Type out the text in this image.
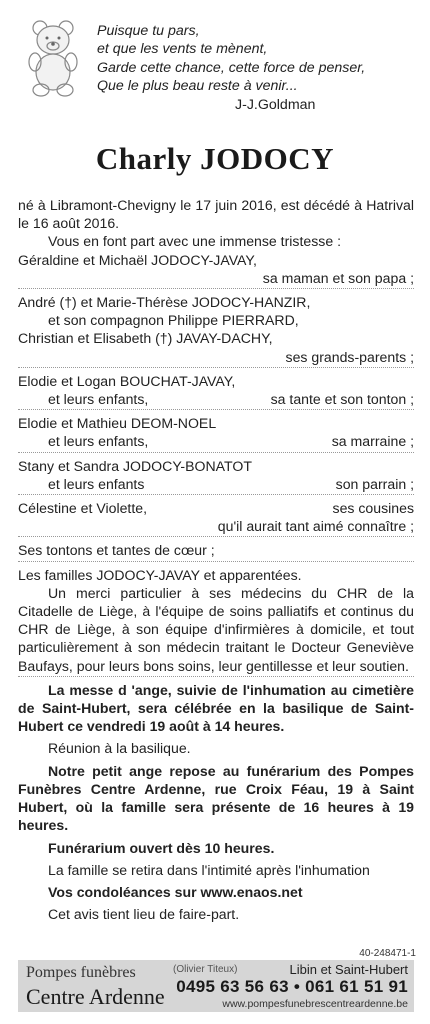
Puisque tu pars,
et que les vents te mènent,
Garde cette chance, cette force de penser,
Que le plus beau reste à venir...
J-J.Goldman
Charly JODOCY
né à Libramont-Chevigny le 17 juin 2016, est décédé à Hatrival le 16 août 2016.
Vous en font part avec une immense tristesse :
Géraldine et Michaël JODOCY-JAVAY,
sa maman et son papa ;
André (†) et Marie-Thérèse JODOCY-HANZIR,
et son compagnon Philippe PIERRARD,
Christian et Elisabeth (†) JAVAY-DACHY,
ses grands-parents ;
Elodie et Logan BOUCHAT-JAVAY,
et leurs enfants,	sa tante et son tonton ;
Elodie et Mathieu DEOM-NOEL
et leurs enfants,	sa marraine ;
Stany et Sandra JODOCY-BONATOT
et leurs enfants	son parrain ;
Célestine et Violette,	ses cousines
qu'il aurait tant aimé connaître ;
Ses tontons et tantes de cœur ;
Les familles JODOCY-JAVAY et apparentées.
Un merci particulier à ses médecins du CHR de la Citadelle de Liège, à l'équipe de soins palliatifs et continus du CHR de Liège, à son équipe d'infirmières à domicile, et tout particulièrement à son médecin traitant le Docteur Geneviève Baufays, pour leurs bons soins, leur gentillesse et leur soutien.
La messe d 'ange, suivie de l'inhumation au cimetière de Saint-Hubert, sera célébrée en la basilique de Saint-Hubert ce vendredi 19 août à 14 heures.
Réunion à la basilique.
Notre petit ange repose au funérarium des Pompes Funèbres Centre Ardenne, rue Croix Féau, 19 à Saint Hubert, où la famille sera présente de 16 heures à 19 heures.
Funérarium ouvert dès 10 heures.
La famille se retira dans l'intimité après l'inhumation
Vos condoléances sur www.enaos.net
Cet avis tient lieu de faire-part.
40-248471-1
Pompes funèbres
Centre Ardenne
(Olivier Titeux)	Libin et Saint-Hubert
0495 63 56 63 • 061 61 51 91
www.pompesfunebrescentreardenne.be
